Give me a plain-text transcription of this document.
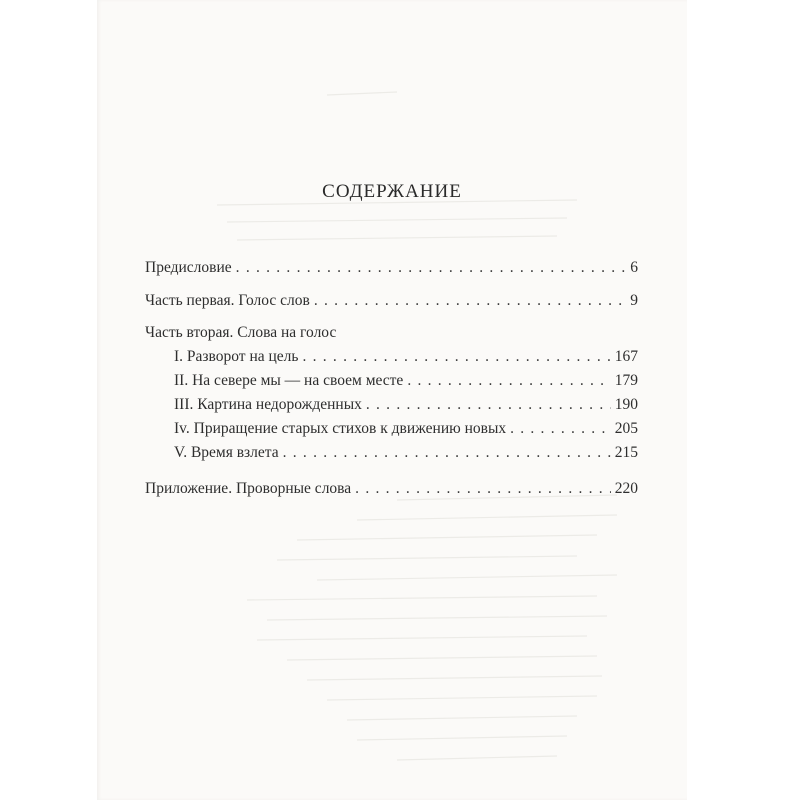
СОДЕРЖАНИЕ
Предисловие . . .	6
Часть первая. Голос слов . . .	9
Часть вторая. Слова на голос
I. Разворот на цель . . .	167
II. На севере мы — на своем месте . . .	179
III. Картина недорожденных . . .	190
Iv. Приращение старых стихов к движению новых . . .	205
V. Время взлета . . .	215
Приложение. Проворные слова . . .	220
